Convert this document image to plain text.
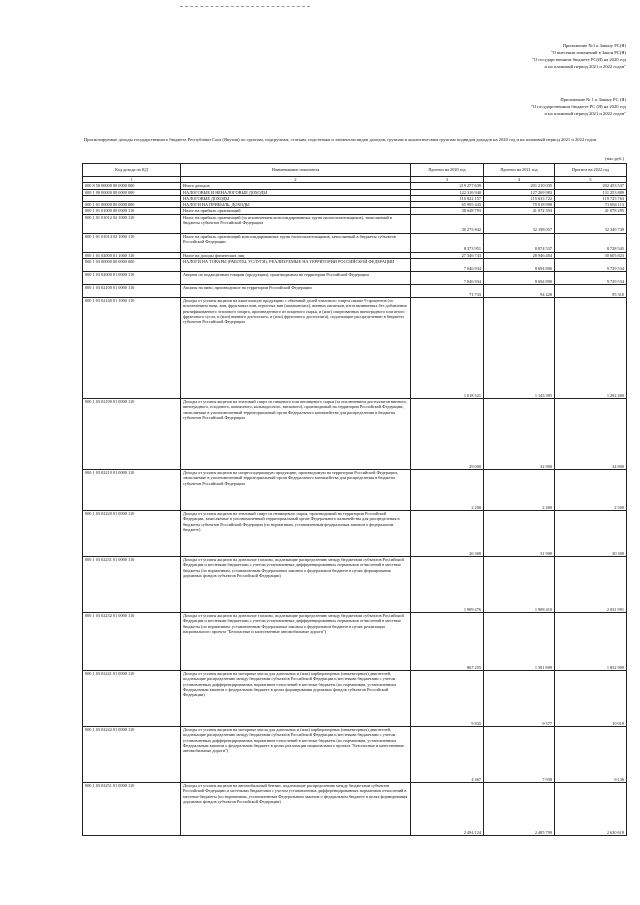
Приложение №1 к Закону РС(Я)
"О внесении изменений в Закон РС(Я)
"О государственном бюджете РС(Я) на 2020 год
и на плановый период 2021 и 2022 годов"
Приложение № 1 к Закону РС (Я)
"О государственном бюджете РС (Я) на 2020 год
и на плановый период 2021 и 2022 годов"
Прогнозируемые доходы государственного бюджета Республики Саха (Якутия) по группам, подгруппам, статьям, подстатьям и элементам видов доходов, группам и аналитическим группам подвидов доходов на 2020 год и на плановый период 2021 и 2022 годов
(тыс.руб.)
Код дохода по КД	Наименование показателя	Прогноз на 2020 год	Прогноз на 2021 год	Прогноз на 2022 год
1	2	3	4	5
000 8 50 00000 00 0000 000	Итого доходов	219 277 639	201 210 035	202 453 537
000 1 00 00000 00 0000 000	НАЛОГОВЫЕ И НЕНАЛОГОВЫЕ ДОХОДЫ	122 316 940	127 269 983	131 253 889
	НАЛОГОВЫЕ ДОХОДЫ	110 822 157	115 633 722	119 725 763
000 1 01 00000 00 0000 000	НАЛОГИ НА ПРИБЫЛЬ, ДОХОДЫ	65 995 443	70 018 998	71 684 113
000 1 01 01000 00 0000 110	Налог на прибыль организаций	38 648 793	41 072 594	41 078 295
000 1 01 01012 02 1000 110	Налог на прибыль организаций (за исключением консолидированных групп налогоплательщиков), зачисляемый в бюджеты субъектов Российской Федерации	30 275 842	32 198 057	32 349 749
000 1 01 01014 02 1000 110	Налог на прибыль организаций консолидированных групп налогоплательщиков, зачисляемый в бюджеты субъектов Российской Федерации	8 373 951	8 874 537	8 728 545
000 1 01 02000 01 1000 110	Налог на доходы физических лиц	27 346 743	28 946 404	30 605 823
000 1 03 00000 00 0000 000	НАЛОГИ НА ТОВАРЫ (РАБОТЫ, УСЛУГИ), РЕАЛИЗУЕМЫЕ НА ТЕРРИТОРИИ РОССИЙСКОЙ ФЕДЕРАЦИИ	7 046 934	8 694 890	9 729 534
000 1 03 02000 01 0000 110	Акцизы по подакцизным товарам (продукции), производимым на территории Российской Федерации	7 046 934	8 694 890	9 729 534
000 1 03 02100 01 0000 110	Акцизы на пиво, производимое на территории Российской Федерации	71 733	94 428	95 310
000 1 03 02140 01 1000 110	Доходы от уплаты акцизов на алкогольную продукцию с объемной долей этилового спирта свыше 9 процентов (за исключением пива, вин, фруктовых вин, игристых вин (шампанских), винных напитков, изготавливаемых без добавления ректификованного этилового спирта, произведенного из пищевого сырья, и (или) спиртованных виноградного или иного фруктового сусла, и (или) винного дистиллята, и (или) фруктового дистиллята), подлежащие распределению в бюджеты субъектов Российской Федерации	1 018 521	1 143 395	1 292 400
000 1 03 02190 01 0000 110	Доходы от уплаты акцизов на этиловый спирт из пищевого или непищевого сырья (за исключением дистиллятов винного, виноградного, плодового, коньячного, кальвадосного, вискового), производимый на территории Российской Федерации, зачисляемые в уполномоченный территориальный орган Федерального казначейства для распределения в бюджеты субъектов Российской Федерации	29 000	32 900	34 800
000 1 03 02210 01 0000 110	Доходы от уплаты акцизов на спиртосодержащую продукцию, производимую на территории Российской Федерации, зачисляемые в уполномоченный территориальный орган Федерального казначейства для распределения в бюджеты субъектов Российской Федерации	2 200	2 400	2 500
000 1 03 02220 01 0000 110	Доходы от уплаты акцизов на этиловый спирт из непищевого сырья, производимый на территории Российской Федерации, зачисляемые в уполномоченный территориальный орган Федерального казначейства для распределения в бюджеты субъектов Российской Федерации (по нормативам, установленным федеральным законом о федеральном бюджете)	26 300	31 900	30 300
000 1 03 02231 01 0000 110	Доходы от уплаты акцизов на дизельное топливо, подлежащие распределению между бюджетами субъектов Российской Федерации и местными бюджетами с учетом установленных дифференцированных нормативов отчислений в местные бюджеты (по нормативам, установленным Федеральным законом о федеральном бюджете в целях формирования дорожных фондов субъектов Российской Федерации)	1 909 476	1 908 410	2 031 991
000 1 03 02232 01 0000 110	Доходы от уплаты акцизов на дизельное топливо, подлежащие распределению между бюджетами субъектов Российской Федерации и местными бюджетами с учетом установленных дифференцированных нормативов отчислений в местные бюджеты (по нормативам, установленным Федеральным законом о федеральном бюджете в целях реализации национального проекта "Безопасные и качественные автомобильные дороги")	867 255	1 581 809	1 852 909
000 1 03 02241 01 0000 110	Доходы от уплаты акцизов на моторные масла для дизельных и (или) карбюраторных (инжекторных) двигателей, подлежащие распределению между бюджетами субъектов Российской Федерации и местными бюджетами с учетом установленных дифференцированных нормативов отчислений в местные бюджеты (по нормативам, установленным Федеральным законом о федеральном бюджете в целях формирования дорожных фондов субъектов Российской Федерации)	9 835	9 577	10 019
000 1 03 02242 01 0000 110	Доходы от уплаты акцизов на моторные масла для дизельных и (или) карбюраторных (инжекторных) двигателей, подлежащие распределению между бюджетами субъектов Российской Федерации и местными бюджетами с учетом установленных дифференцированных нормативов отчислений в местные бюджеты (по нормативам, установленным Федеральным законом о федеральном бюджете в целях реализации национального проекта "Безопасные и качественные автомобильные дороги")	4 467	7 938	9 136
000 1 03 02251 01 0000 110	Доходы от уплаты акцизов на автомобильный бензин, подлежащие распределению между бюджетами субъектов Российской Федерации и местными бюджетами с учетом установленных дифференцированных нормативов отчислений в местные бюджеты (по нормативам, установленным Федеральным законом о федеральном бюджете в целях формирования дорожных фондов субъектов Российской Федерации)	2 494 124	2 485 799	2 630 618
